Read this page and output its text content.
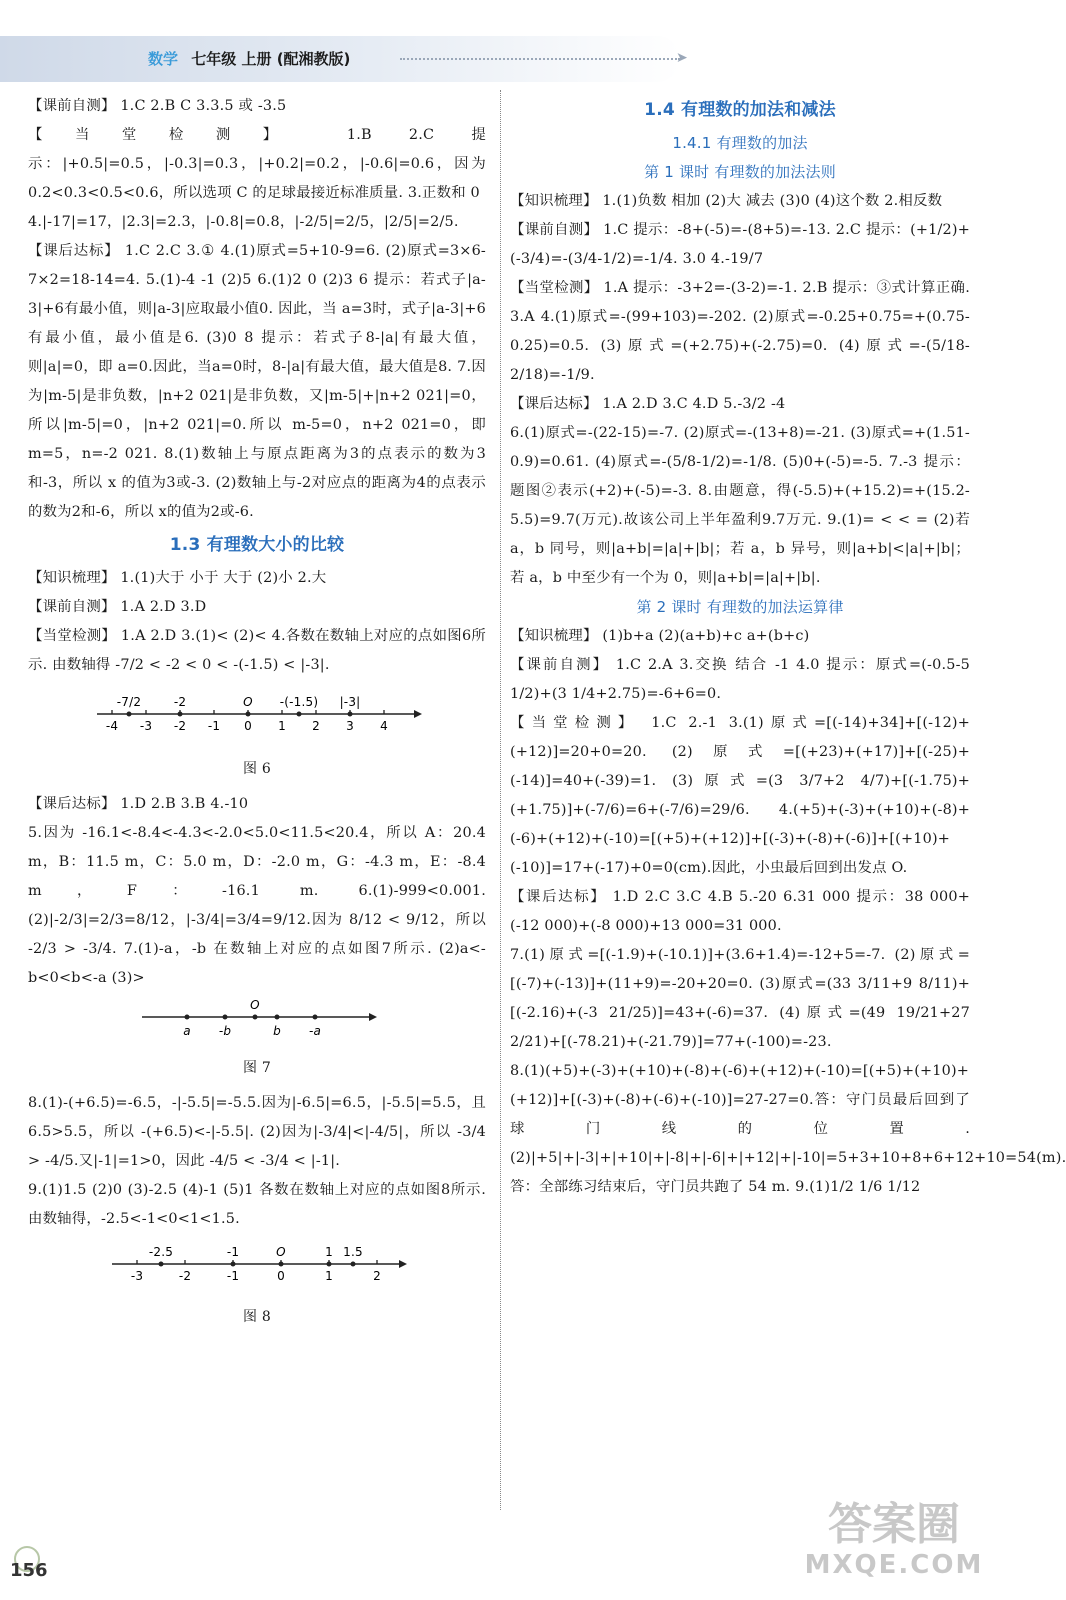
数学 七年级 上册 (配湘教版)	➤

【课前自测】 1.C 2.B C 3.3.5 或 -3.5

【当堂检测】 1.B 2.C 提示：|+0.5|=0.5，|-0.3|=0.3，|+0.2|=0.2，|-0.6|=0.6，因为 0.2<0.3<0.5<0.6，所以选项 C 的足球最接近标准质量. 3.正数和 0

4.|-17|=17，|2.3|=2.3，|-0.8|=0.8，|-2/5|=2/5，|2/5|=2/5.

【课后达标】 1.C 2.C 3.① 4.(1)原式=5+10-9=6. (2)原式=3×6-7×2=18-14=4. 5.(1)-4 -1 (2)5 6.(1)2 0 (2)3 6 提示：若式子|a-3|+6有最小值，则|a-3|应取最小值0. 因此，当 a=3时，式子|a-3|+6有最小值，最小值是6. (3)0 8 提示：若式子8-|a|有最大值，则|a|=0，即 a=0.因此，当a=0时，8-|a|有最大值，最大值是8. 7.因为|m-5|是非负数，|n+2 021|是非负数，又|m-5|+|n+2 021|=0，所以|m-5|=0，|n+2 021|=0.所以 m-5=0，n+2 021=0，即 m=5，n=-2 021. 8.(1)数轴上与原点距离为3的点表示的数为3和-3，所以 x 的值为3或-3. (2)数轴上与-2对应点的距离为4的点表示的数为2和-6，所以 x的值为2或-6.

1.3 有理数大小的比较

【知识梳理】 1.(1)大于 小于 大于 (2)小 2.大

【课前自测】 1.A 2.D 3.D

【当堂检测】 1.A 2.D 3.(1)< (2)< 4.各数在数轴上对应的点如图6所示. 由数轴得 -7/2 < -2 < 0 < -(-1.5) < |-3|.

-4 -3 -2 -1 0 1 2 3 4
-7/2	-2	O -(-1.5) |-3|
图 6

【课后达标】 1.D 2.B 3.B 4.-10

5.因为 -16.1<-8.4<-4.3<-2.0<5.0<11.5<20.4，所以 A：20.4 m，B：11.5 m，C：5.0 m，D：-2.0 m，G：-4.3 m，E：-8.4 m，F：-16.1 m. 6.(1)-999<0.001. (2)|-2/3|=2/3=8/12，|-3/4|=3/4=9/12.因为 8/12 < 9/12，所以 -2/3 > -3/4. 7.(1)-a，-b 在数轴上对应的点如图7所示. (2)a<-b<0<b<-a (3)>

a -b
O
b -a
图 7

8.(1)-(+6.5)=-6.5，-|-5.5|=-5.5.因为|-6.5|=6.5，|-5.5|=5.5，且6.5>5.5，所以 -(+6.5)<-|-5.5|. (2)因为|-3/4|<|-4/5|，所以 -3/4 > -4/5.又|-1|=1>0，因此 -4/5 < -3/4 < |-1|.

9.(1)1.5 (2)0 (3)-2.5 (4)-1 (5)1 各数在数轴上对应的点如图8所示.由数轴得，-2.5<-1<0<1<1.5.

-3	-2	-1	0	1	2
-2.5	-1	O	1 1.5
图 8
1.4 有理数的加法和减法
1.4.1 有理数的加法
第 1 课时 有理数的加法法则

【知识梳理】 1.(1)负数 相加 (2)大 减去 (3)0 (4)这个数 2.相反数

【课前自测】 1.C 提示：-8+(-5)=-(8+5)=-13. 2.C 提示：(+1/2)+(-3/4)=-(3/4-1/2)=-1/4. 3.0 4.-19/7

【当堂检测】 1.A 提示：-3+2=-(3-2)=-1. 2.B 提示：③式计算正确. 3.A 4.(1)原式=-(99+103)=-202. (2)原式=-0.25+0.75=+(0.75-0.25)=0.5. (3)原式=(+2.75)+(-2.75)=0. (4)原式=-(5/18-2/18)=-1/9.

【课后达标】 1.A 2.D 3.C 4.D 5.-3/2 -4

6.(1)原式=-(22-15)=-7. (2)原式=-(13+8)=-21. (3)原式=+(1.51-0.9)=0.61. (4)原式=-(5/8-1/2)=-1/8. (5)0+(-5)=-5. 7.-3 提示：题图②表示(+2)+(-5)=-3. 8.由题意，得(-5.5)+(+15.2)=+(15.2-5.5)=9.7(万元).故该公司上半年盈利9.7万元. 9.(1)= < < = (2)若 a，b 同号，则|a+b|=|a|+|b|；若 a，b 异号，则|a+b|<|a|+|b|；若 a，b 中至少有一个为 0，则|a+b|=|a|+|b|.

第 2 课时 有理数的加法运算律

【知识梳理】 (1)b+a (2)(a+b)+c a+(b+c)

【课前自测】 1.C 2.A 3.交换 结合 -1 4.0 提示：原式=(-0.5-5 1/2)+(3 1/4+2.75)=-6+6=0.

【当堂检测】 1.C 2.-1 3.(1)原式=[(-14)+34]+[(-12)+(+12)]=20+0=20. (2)原式=[(+23)+(+17)]+[(-25)+(-14)]=40+(-39)=1. (3)原式=(3 3/7+2 4/7)+[(-1.75)+(+1.75)]+(-7/6)=6+(-7/6)=29/6. 4.(+5)+(-3)+(+10)+(-8)+(-6)+(+12)+(-10)=[(+5)+(+12)]+[(-3)+(-8)+(-6)]+[(+10)+(-10)]=17+(-17)+0=0(cm).因此，小虫最后回到出发点 O.

【课后达标】 1.D 2.C 3.C 4.B 5.-20 6.31 000 提示：38 000+(-12 000)+(-8 000)+13 000=31 000.

7.(1)原式=[(-1.9)+(-10.1)]+(3.6+1.4)=-12+5=-7. (2)原式=[(-7)+(-13)]+(11+9)=-20+20=0. (3)原式=(33 3/11+9 8/11)+[(-2.16)+(-3 21/25)]=43+(-6)=37. (4)原式=(49 19/21+27 2/21)+[(-78.21)+(-21.79)]=77+(-100)=-23.

8.(1)(+5)+(-3)+(+10)+(-8)+(-6)+(+12)+(-10)=[(+5)+(+10)+(+12)]+[(-3)+(-8)+(-6)+(-10)]=27-27=0.答：守门员最后回到了球门线的位置. (2)|+5|+|-3|+|+10|+|-8|+|-6|+|+12|+|-10|=5+3+10+8+6+12+10=54(m).答：全部练习结束后，守门员共跑了 54 m. 9.(1)1/2 1/6 1/12

156
答案圈
MXQE.COM
